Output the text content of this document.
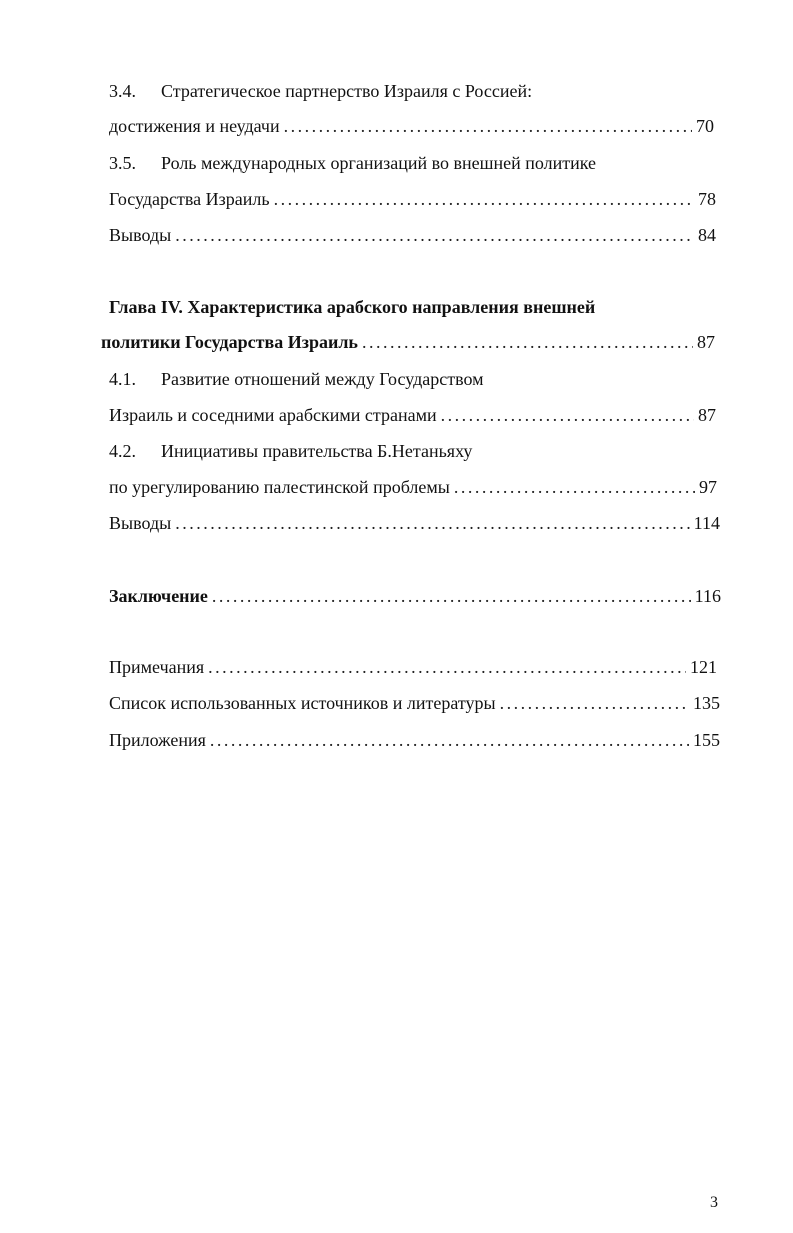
3.4. Стратегическое партнерство Израиля с Россией:
достижения и неудачи . . .	70
3.5. Роль международных организаций во внешней политике
Государства Израиль . . .	78
Выводы . . .	84
Глава IV. Характеристика арабского направления внешней
политики Государства Израиль . . .	87
4.1. Развитие отношений между Государством
Израиль и соседними арабскими странами . . .	87
4.2. Инициативы правительства Б.Нетаньяху
по урегулированию палестинской проблемы . . .	97
Выводы . . .	114
Заключение . . .	116
Примечания . . .	121
Список использованных источников и литературы . . .	135
Приложения . . .	155
3
